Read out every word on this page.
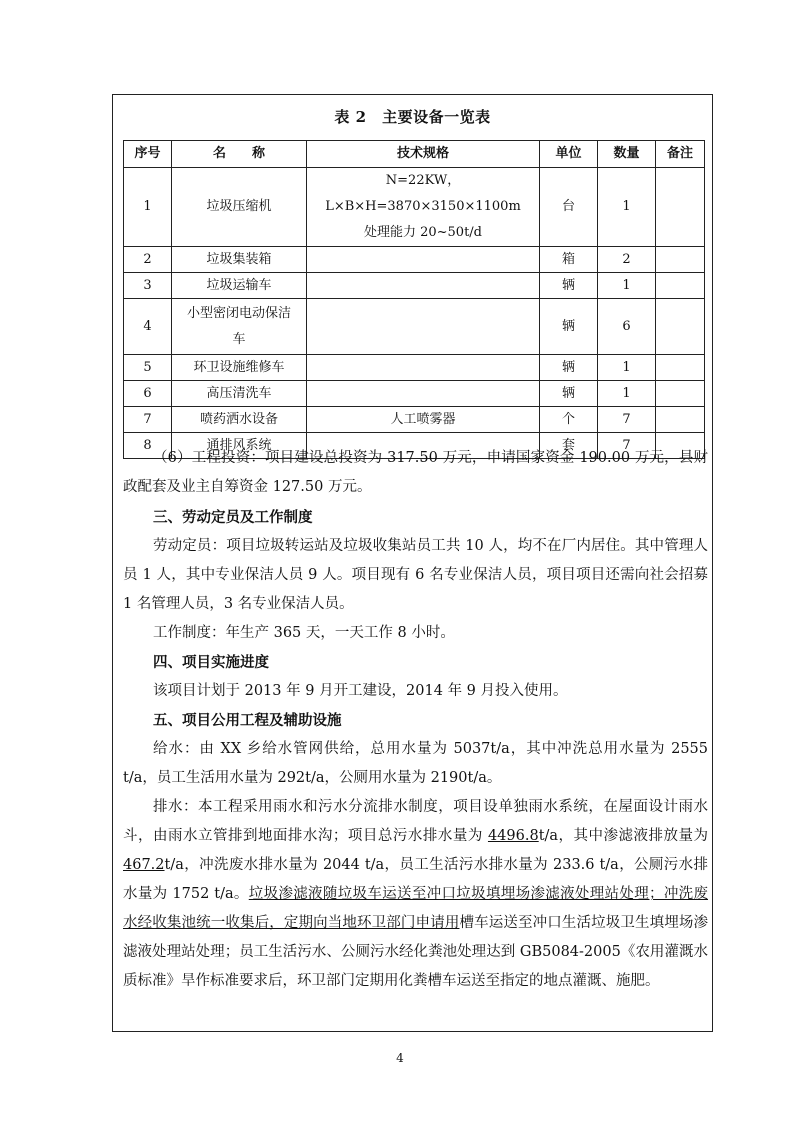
表 2　主要设备一览表
序号	名　　称	技术规格	单位	数量	备注
1	垃圾压缩机	N=22KW，L×B×H=3870×3150×1100m 处理能力 20~50t/d	台	1	
2	垃圾集装箱		箱	2	
3	垃圾运输车		辆	1	
4	小型密闭电动保洁车		辆	6	
5	环卫设施维修车		辆	1	
6	高压清洗车		辆	1	
7	喷药洒水设备	人工喷雾器	个	7	
8	通排风系统		套	7	
（6）工程投资：项目建设总投资为 317.50 万元，申请国家资金 190.00 万元，县财政配套及业主自筹资金 127.50 万元。
三、劳动定员及工作制度
劳动定员：项目垃圾转运站及垃圾收集站员工共 10 人，均不在厂内居住。其中管理人员 1 人，其中专业保洁人员 9 人。项目现有 6 名专业保洁人员，项目项目还需向社会招募 1 名管理人员，3 名专业保洁人员。
工作制度：年生产 365 天，一天工作 8 小时。
四、项目实施进度
该项目计划于 2013 年 9 月开工建设，2014 年 9 月投入使用。
五、项目公用工程及辅助设施
给水：由 XX 乡给水管网供给，总用水量为 5037t/a，其中冲洗总用水量为 2555 t/a，员工生活用水量为 292t/a，公厕用水量为 2190t/a。
排水：本工程采用雨水和污水分流排水制度，项目设单独雨水系统，在屋面设计雨水斗，由雨水立管排到地面排水沟；项目总污水排水量为 4496.8t/a，其中渗滤液排放量为 467.2t/a，冲洗废水排水量为 2044 t/a，员工生活污水排水量为 233.6 t/a，公厕污水排水量为 1752 t/a。垃圾渗滤液随垃圾车运送至冲口垃圾填埋场渗滤液处理站处理；冲洗废水经收集池统一收集后，定期向当地环卫部门申请用槽车运送至冲口生活垃圾卫生填埋场渗滤液处理站处理；员工生活污水、公厕污水经化粪池处理达到 GB5084-2005《农用灌溉水质标准》旱作标准要求后，环卫部门定期用化粪槽车运送至指定的地点灌溉、施肥。
4
